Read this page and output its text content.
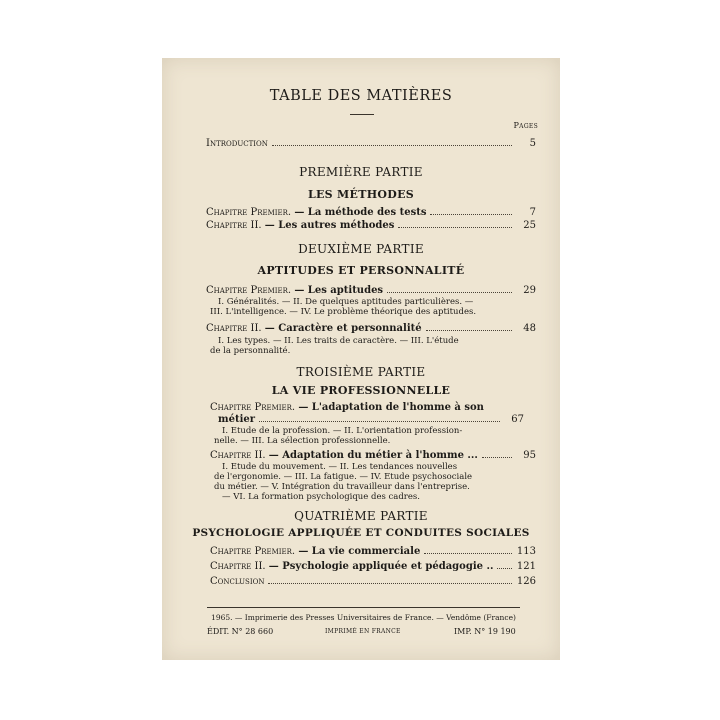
TABLE DES MATIÈRES
Pages
Introduction	5
PREMIÈRE PARTIE
LES MÉTHODES
Chapitre Premier. — La méthode des tests	7
Chapitre II. — Les autres méthodes	25
DEUXIÈME PARTIE
APTITUDES ET PERSONNALITÉ
Chapitre Premier. — Les aptitudes	29
I. Généralités. — II. De quelques aptitudes particulières. —
III. L'intelligence. — IV. Le problème théorique des aptitudes.
Chapitre II. — Caractère et personnalité	48
I. Les types. — II. Les traits de caractère. — III. L'étude
de la personnalité.
TROISIÈME PARTIE
LA VIE PROFESSIONNELLE
Chapitre Premier. — L'adaptation de l'homme à son
métier	67
I. Etude de la profession. — II. L'orientation profession-
nelle. — III. La sélection professionnelle.
Chapitre II. — Adaptation du métier à l'homme ...	95
I. Etude du mouvement. — II. Les tendances nouvelles
de l'ergonomie. — III. La fatigue. — IV. Etude psychosociale
du métier. — V. Intégration du travailleur dans l'entreprise.
— VI. La formation psychologique des cadres.
QUATRIÈME PARTIE
PSYCHOLOGIE APPLIQUÉE ET CONDUITES SOCIALES
Chapitre Premier. — La vie commerciale	113
Chapitre II. — Psychologie appliquée et pédagogie .. 121
Conclusion	126
1965. — Imprimerie des Presses Universitaires de France. — Vendôme (France)
ÉDIT. N° 28 660	IMPRIMÉ EN FRANCE	IMP. N° 19 190
